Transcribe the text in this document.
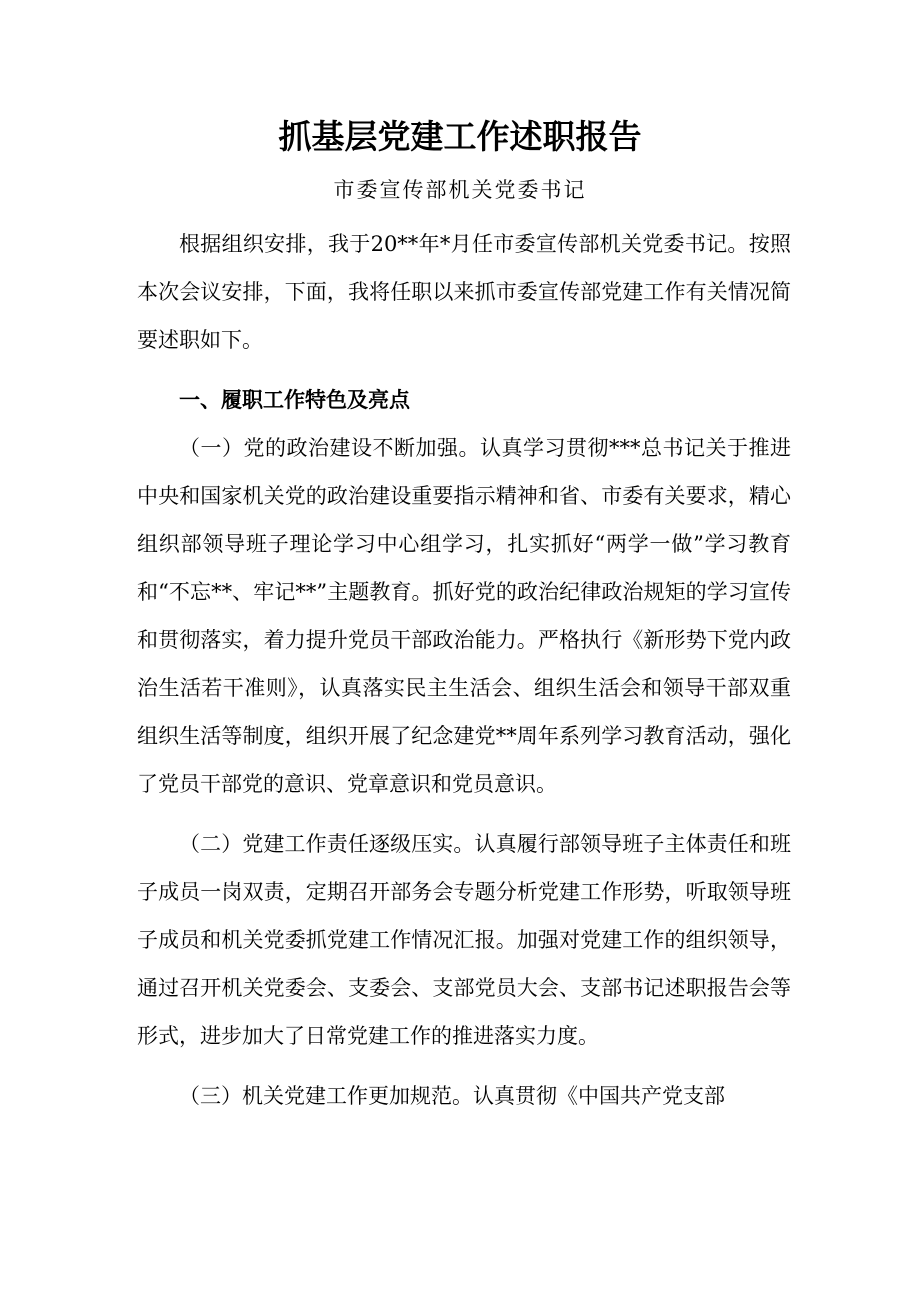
抓基层党建工作述职报告
市委宣传部机关党委书记

根据组织安排，我于20**年*月任市委宣传部机关党委书记。按照本次会议安排，下面，我将任职以来抓市委宣传部党建工作有关情况简要述职如下。

一、履职工作特色及亮点

（一）党的政治建设不断加强。认真学习贯彻***总书记关于推进中央和国家机关党的政治建设重要指示精神和省、市委有关要求，精心组织部领导班子理论学习中心组学习，扎实抓好“两学一做”学习教育和“不忘**、牢记**”主题教育。抓好党的政治纪律政治规矩的学习宣传和贯彻落实，着力提升党员干部政治能力。严格执行《新形势下党内政治生活若干准则》，认真落实民主生活会、组织生活会和领导干部双重组织生活等制度，组织开展了纪念建党**周年系列学习教育活动，强化了党员干部党的意识、党章意识和党员意识。

（二）党建工作责任逐级压实。认真履行部领导班子主体责任和班子成员一岗双责，定期召开部务会专题分析党建工作形势，听取领导班子成员和机关党委抓党建工作情况汇报。加强对党建工作的组织领导，通过召开机关党委会、支委会、支部党员大会、支部书记述职报告会等形式，进步加大了日常党建工作的推进落实力度。

（三）机关党建工作更加规范。认真贯彻《中国共产党支部
